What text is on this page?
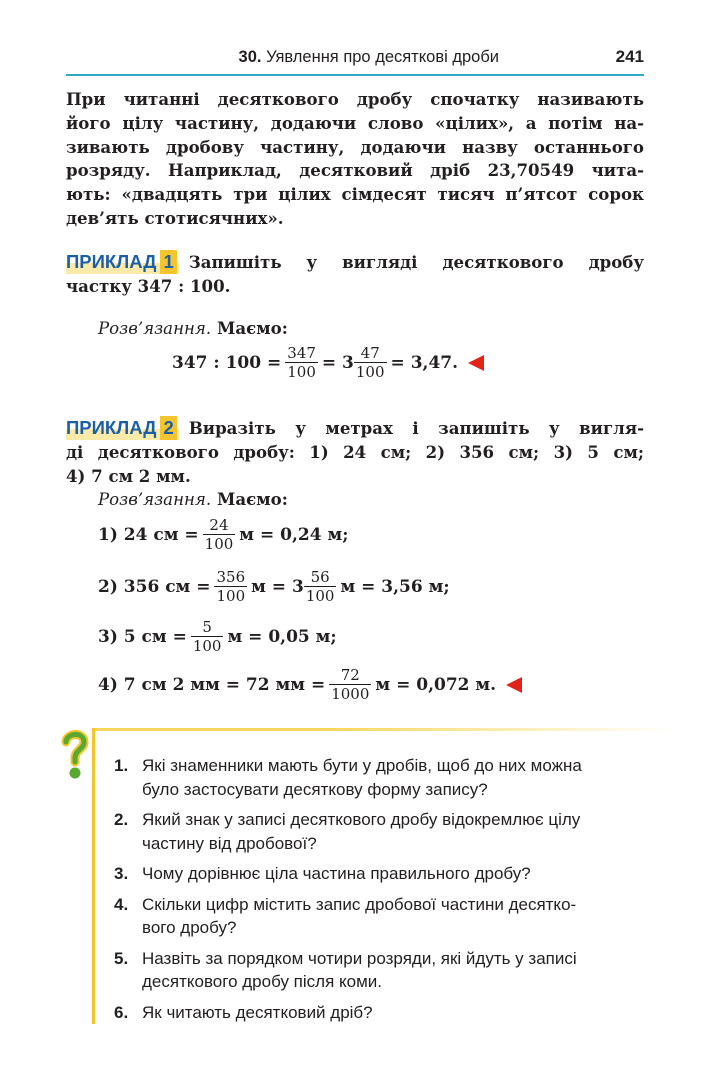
30. Уявлення про десяткові дроби	241
При читанні десяткового дробу спочатку називають
його цілу частину, додаючи слово «цілих», а потім на-
зивають дробову частину, додаючи назву останнього
розряду. Наприклад, десятковий дріб 23,70549 читa-
ють: «двадцять три цілих сімдесят тисяч п’ятсот сорок
дев’ять стотисячних».
ПРИКЛАД 1 Запишіть у вигляді десяткового дробу
частку 347 : 100.
Розв’язання. Маємо:
347 : $100 = \frac{347}{100} = 3 \frac{47}{100} = 3,47$.
ПРИКЛАД 2 Виразіть у метрах і запишіть у вигля-
ді десяткового дробу: 1) 24 см; 2) 356 см; 3) 5 см;
4) 7 см 2 мм.
Розв’язання. Маємо:
1) 24 см = $\frac{24}{100}$ м = 0,24 м;
2) 356 см = $\frac{356}{100}$ $м = 3 \frac{56}{100}$ м = 3,56 м;
3) 5 см = $\frac{5}{100}$ м = 0,05 м;
4) 7 см 2 мм = 72 мм = $\frac{72}{1000}$ м = 0,072 м.
1. Які знаменники мають бути у дробів, щоб до них можна
було застосувати десяткову форму запису?
2. Який знак у записі десяткового дробу відокремлює цілу
частину від дробової?
3. Чому дорівнює ціла частина правильного дробу?
4. Скільки цифр містить запис дробової частини десятко-
вого дробу?
5. Назвіть за порядком чотири розряди, які йдуть у записі
десяткового дробу після коми.
6. Як читають десятковий дріб?
